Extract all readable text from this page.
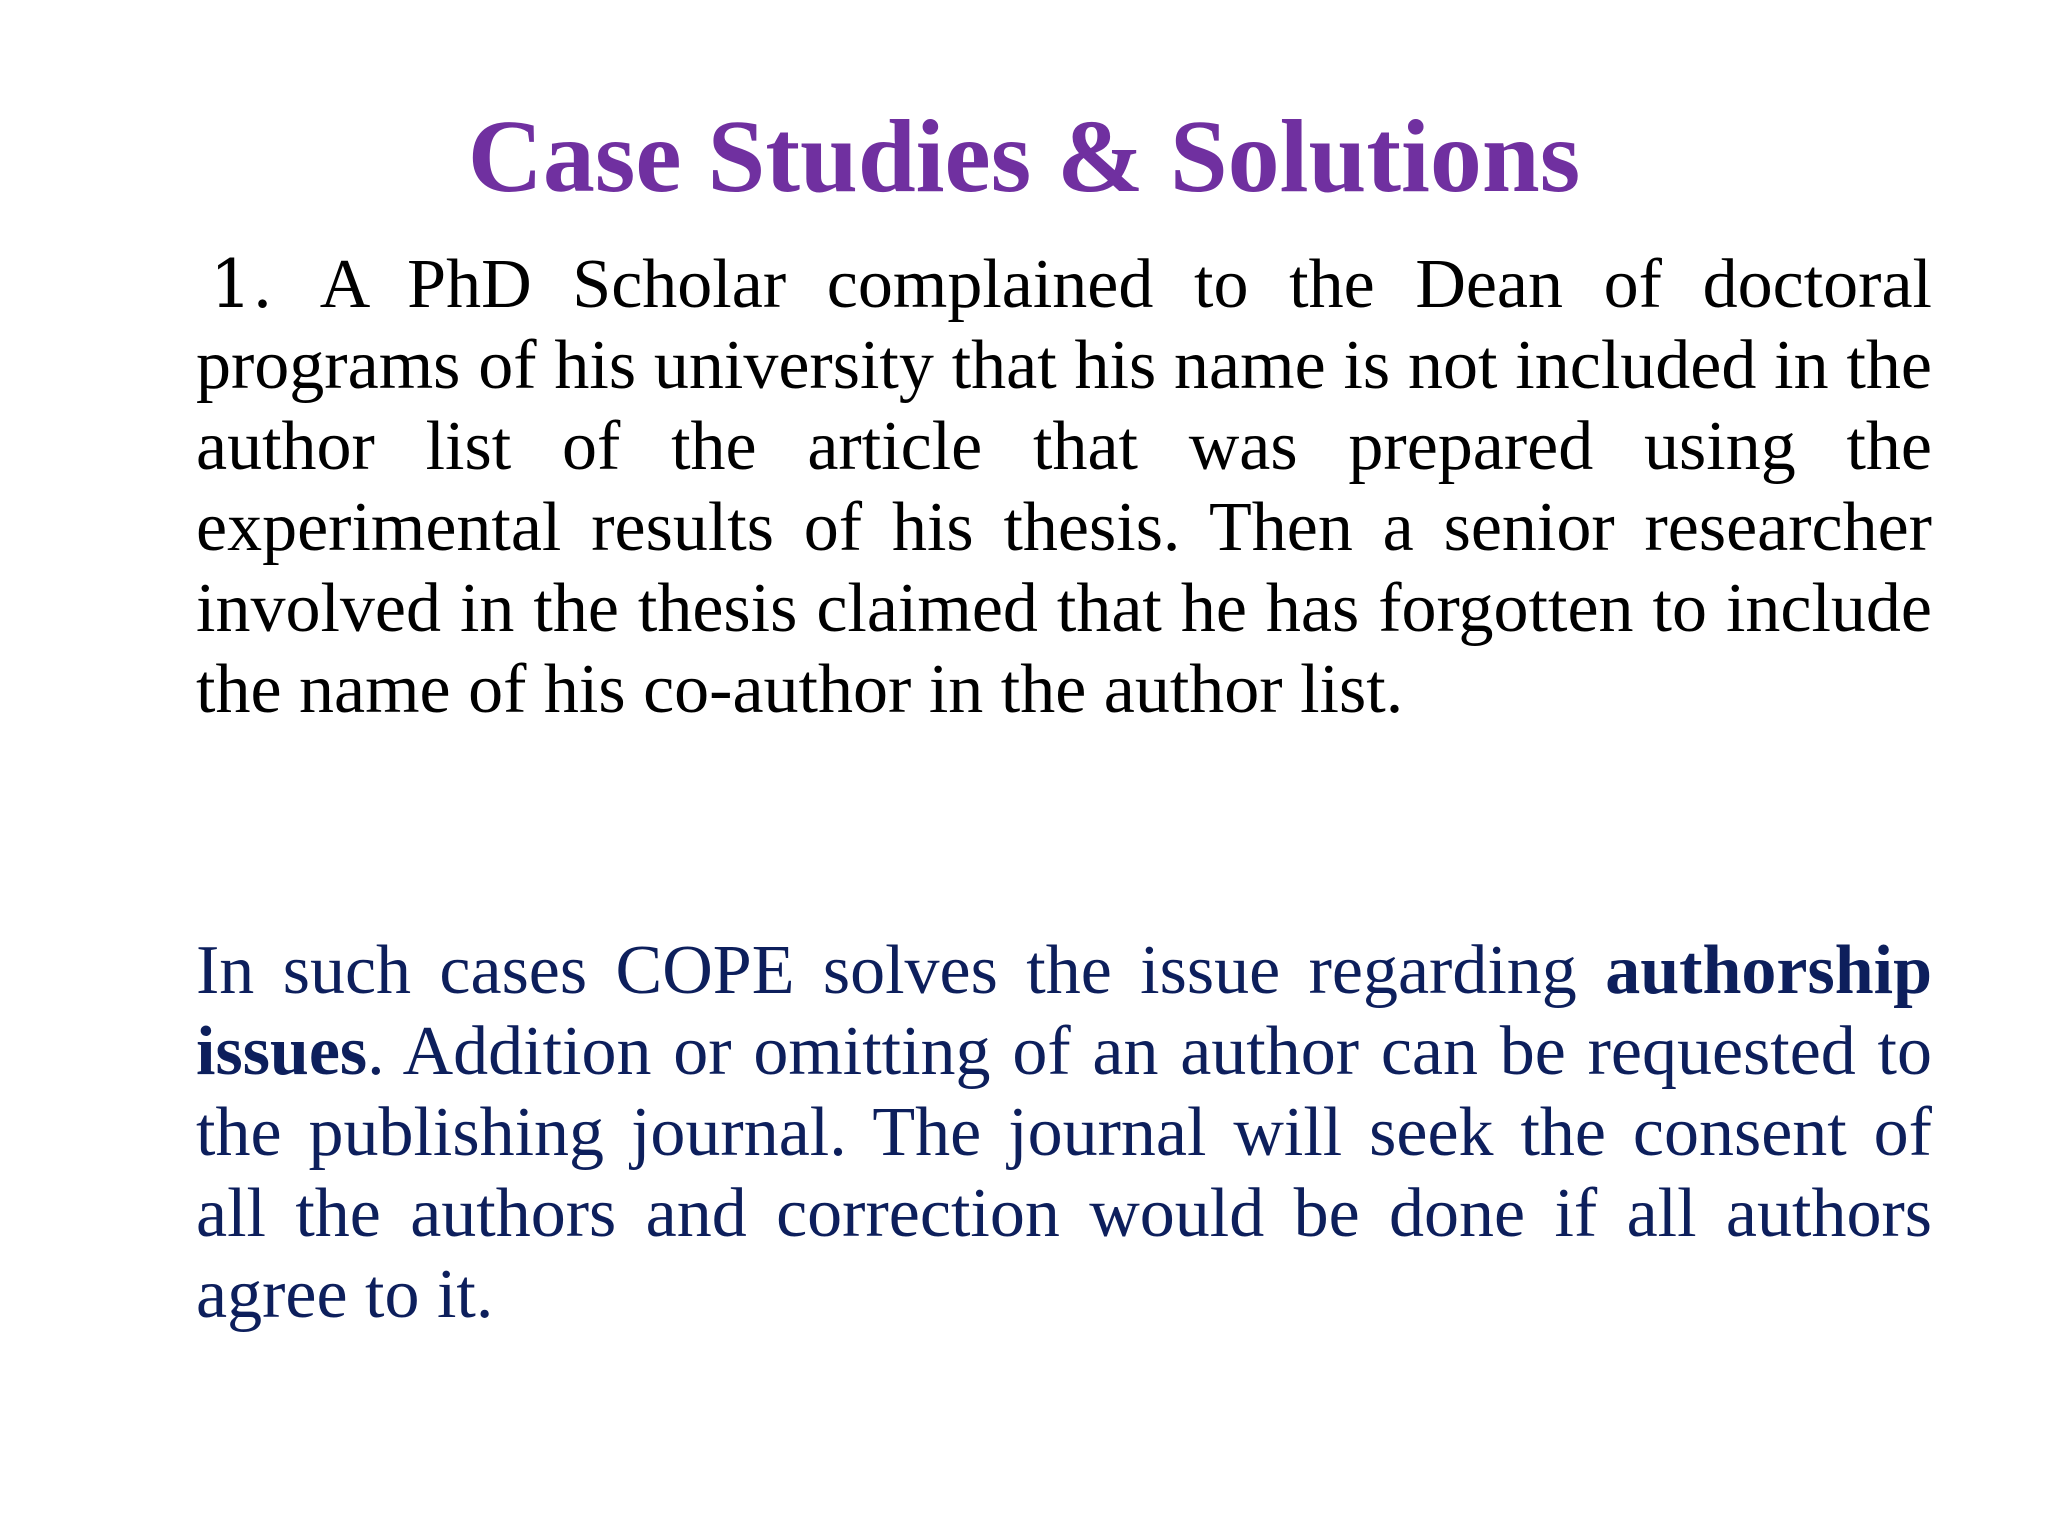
Case Studies & Solutions

1. A PhD Scholar complained to the Dean of doctoral programs of his university that his name is not included in the author list of the article that was prepared using the experimental results of his thesis. Then a senior researcher involved in the thesis claimed that he has forgotten to include the name of his co-author in the author list.

In such cases COPE solves the issue regarding authorship issues. Addition or omitting of an author can be requested to the publishing journal. The journal will seek the consent of all the authors and correction would be done if all authors agree to it.
